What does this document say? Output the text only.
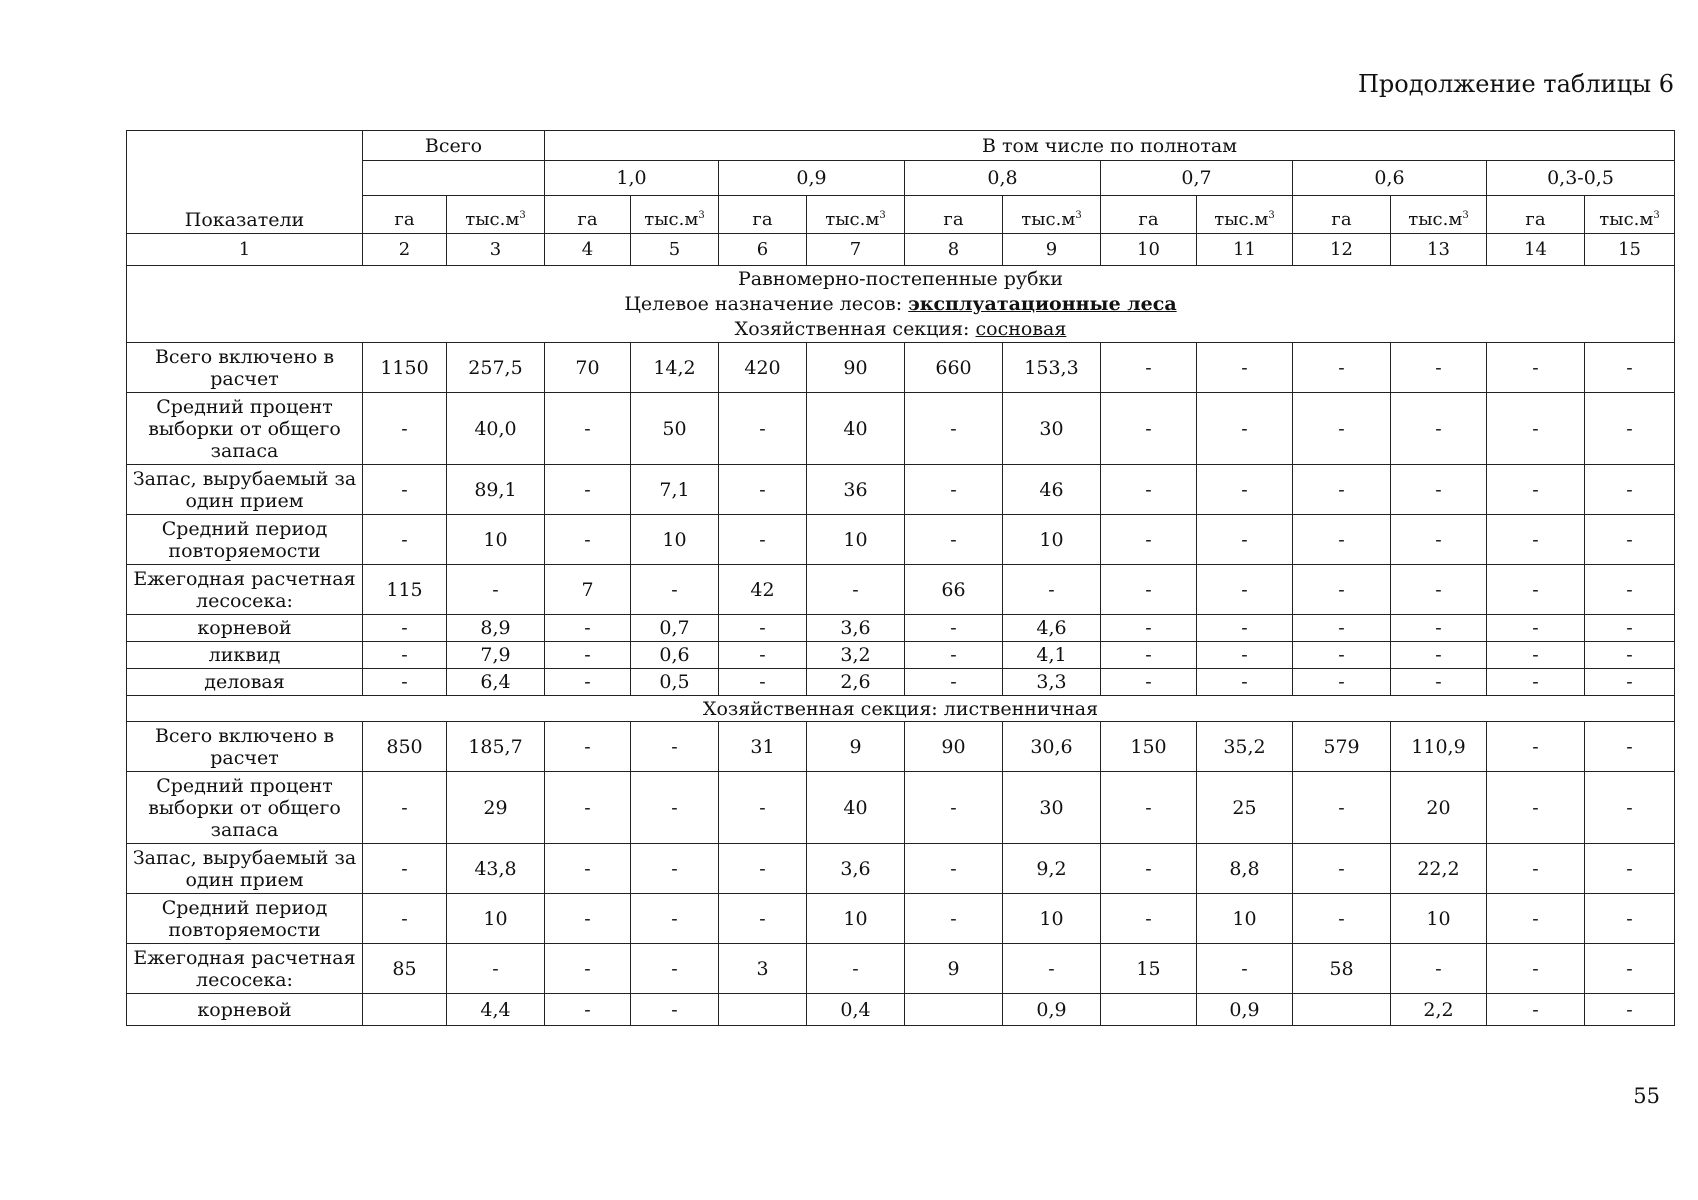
Продолжение таблицы 6
Показатели	Всего		В том числе по полнотам											
			1,0		0,9		0,8		0,7		0,6		0,3-0,5	
	га	$тыс.м^3$	га	$тыс.м^3$	га	$тыс.м^3$	га	$тыс.м^3$	га	$тыс.м^3$	га	$тыс.м^3$	га	$тыс.м^3$
1	2	3	4	5	6	7	8	9	10	11	12	13	14	15

Равномерно-постепенные рубки
Целевое назначение лесов: эксплуатационные леса
Хозяйственная секция: сосновая														

Всего включено в расчет	1150	257,5	70	14,2	420	90	660	153,3	-	-	-	-	-	-
Средний процент выборки от общего запаса	-	40,0	-	50	-	40	-	30	-	-	-	-	-	-
Запас, вырубаемый за один прием	-	89,1	-	7,1	-	36	-	46	-	-	-	-	-	-
Средний период повторяемости	-	10	-	10	-	10	-	10	-	-	-	-	-	-
Ежегодная расчетная лесосека:	115	-	7	-	42	-	66	-	-	-	-	-	-	-
корневой	-	8,9	-	0,7	-	3,6	-	4,6	-	-	-	-	-	-
ликвид	-	7,9	-	0,6	-	3,2	-	4,1	-	-	-	-	-	-
деловая	-	6,4	-	0,5	-	2,6	-	3,3	-	-	-	-	-	-
Хозяйственная секция: лиственничная														
Всего включено в расчет	850	185,7	-	-	31	9	90	30,6	150	35,2	579	110,9	-	-
Средний процент выборки от общего запаса	-	29	-	-	-	40	-	30	-	25	-	20	-	-
Запас, вырубаемый за один прием	-	43,8	-	-	-	3,6	-	9,2	-	8,8	-	22,2	-	-
Средний период повторяемости	-	10	-	-	-	10	-	10	-	10	-	10	-	-
Ежегодная расчетная лесосека:	85	-	-	-	3	-	9	-	15	-	58	-	-	-
корневой		4,4	-	-		0,4		0,9		0,9		2,2	-	-
55
